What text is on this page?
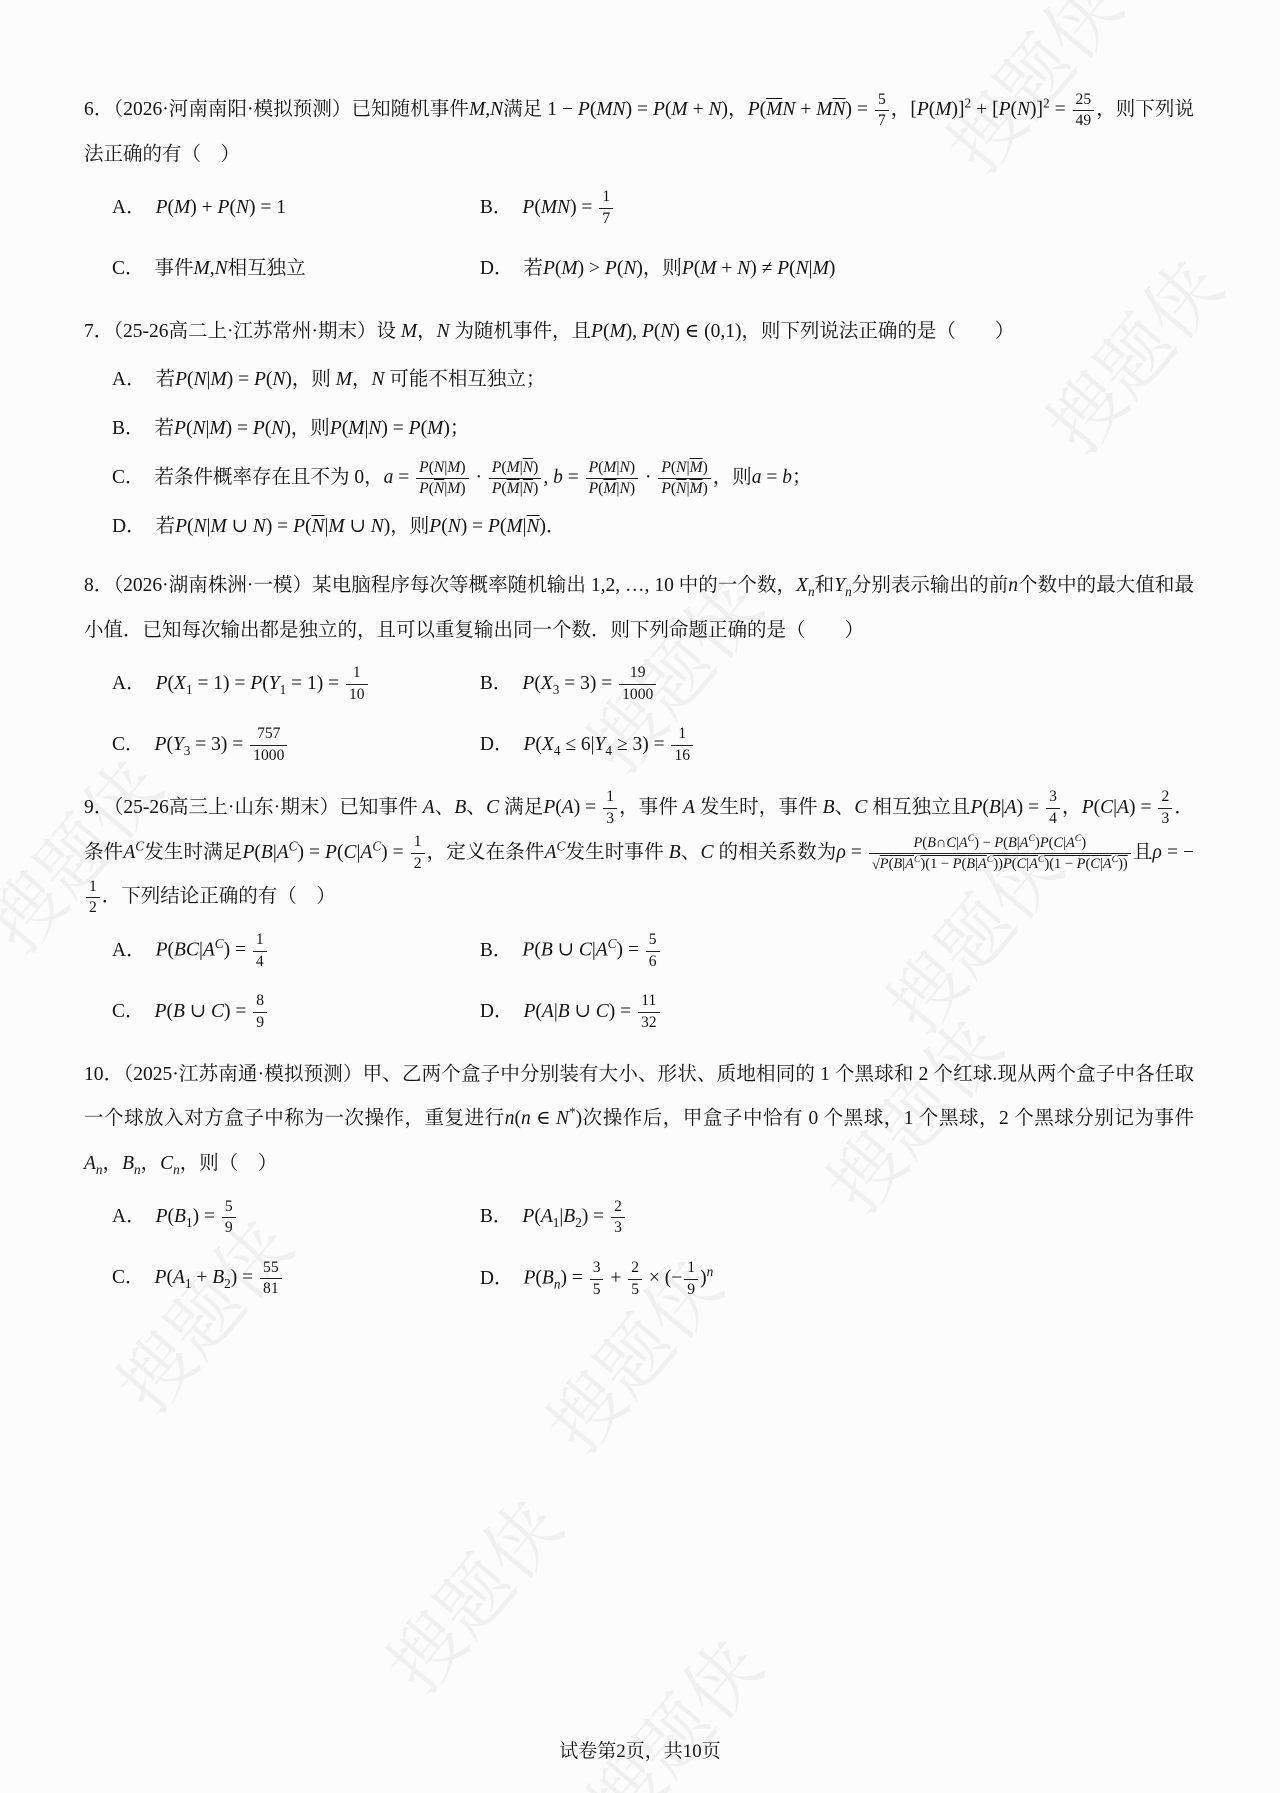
6．（2026·河南南阳·模拟预测）已知随机事件M,N满足 1 − P(MN) = P(M + N)，$P(\overline{M}N + M\overline{N}) = \frac{5}{7}$ ，$[P(M)]^2 + [P(N)]^2 = \frac{25}{49}$ ，则下列说法正确的有（　）
A． P(M) + P(N) = 1	B． $P(MN) = \frac{1}{7}$
C． 事件M,N相互独立	D． 若P(M) > P(N)，则P(M + N) ≠ P(N|M)
7．（25-26高二上·江苏常州·期末）设 M，N 为随机事件，且P(M), P(N) ∈ (0,1)，则下列说法正确的是（　　）
A． 若P(N|M) = P(N)，则 M，N 可能不相互独立；
B． 若P(N|M) = P(N)，则P(M|N) = P(M)；
C． 若条件概率存在且不为 0，$a = \frac{P(N|M)}{P(\overline{N}|M)} \cdot \frac{P(M|\overline{N})}{P(\overline{M}|\overline{N})}$ , $b = \frac{P(M|N)}{P(\overline{M}|N)} \cdot \frac{P(N|\overline{M})}{P(\overline{N}|\overline{M})}$ ，则a = b；
D． 若P(N|M ∪ $N) = P(\overline{N}|M$ ∪ N)，则$P(N) = P(M|\overline{N})$．
8．（2026·湖南株洲·一模）某电脑程序每次等概率随机输出 1,2, …, 10 中的一个数，$X_n$和$Y_n$分别表示输出的前n个数中的最大值和最小值．已知每次输出都是独立的，且可以重复输出同一个数．则下列命题正确的是（　　）
A． $P(X_1 = 1) = P(Y_1 = 1) = \frac{1}{10}$	B． $P(X_3 = 3) = \frac{19}{1000}$
C． $P(Y_3 = 3) = \frac{757}{1000}$	D． $P(X_4 \le 6|Y_4 \ge 3) = \frac{1}{16}$
9．（25-26高三上·山东·期末）已知事件 A、B、C 满足$P(A) = \frac{1}{3}$ ，事件 A 发生时，事件 B、C 相互独立且$P(B|A) = \frac{3}{4}$ ，$P(C|A) = \frac{2}{3}$ ．条件$A^C$发生时满足$P(B|A^C) = P(C|A^C) = \frac{1}{2}$ ，定义在条件$A^C$发生时事件 B、C 的相关系数为$\rho = \frac{P(B\cap C|A^C) - P(B|A^C)P(C|A^C)}{√P(B|A^C)(1 - P(B|A^C))P(C|A^C)(1 - P(C|A^C))}$ 且ρ = −
$\frac{1}{2}$ ．下列结论正确的有（　）
A． $P(BC|A^C) = \frac{1}{4}$	B． P(B ∪ $C|A^C) = \frac{5}{6}$
C． P(B ∪ $C) = \frac{8}{9}$	D． P(A|B ∪ $C) = \frac{11}{32}$
10．（2025·江苏南通·模拟预测）甲、乙两个盒子中分别装有大小、形状、质地相同的 1 个黑球和 2 个红球.现从两个盒子中各任取一个球放入对方盒子中称为一次操作，重复进行n(n ∈ N*)次操作后，甲盒子中恰有 0 个黑球，1 个黑球，2 个黑球分别记为事件$A_n$，$B_n$，$C_n$，则（　）
A． $P(B_1) = \frac{5}{9}$	B． $P(A_1|B_2) = \frac{2}{3}$
C． $P(A_1 + B_2) = \frac{55}{81}$	D． $P(B_n) = \frac{3}{5} + \frac{2}{5}$ × (− $\frac{1}{9} )^n$
试卷第2页，共10页
